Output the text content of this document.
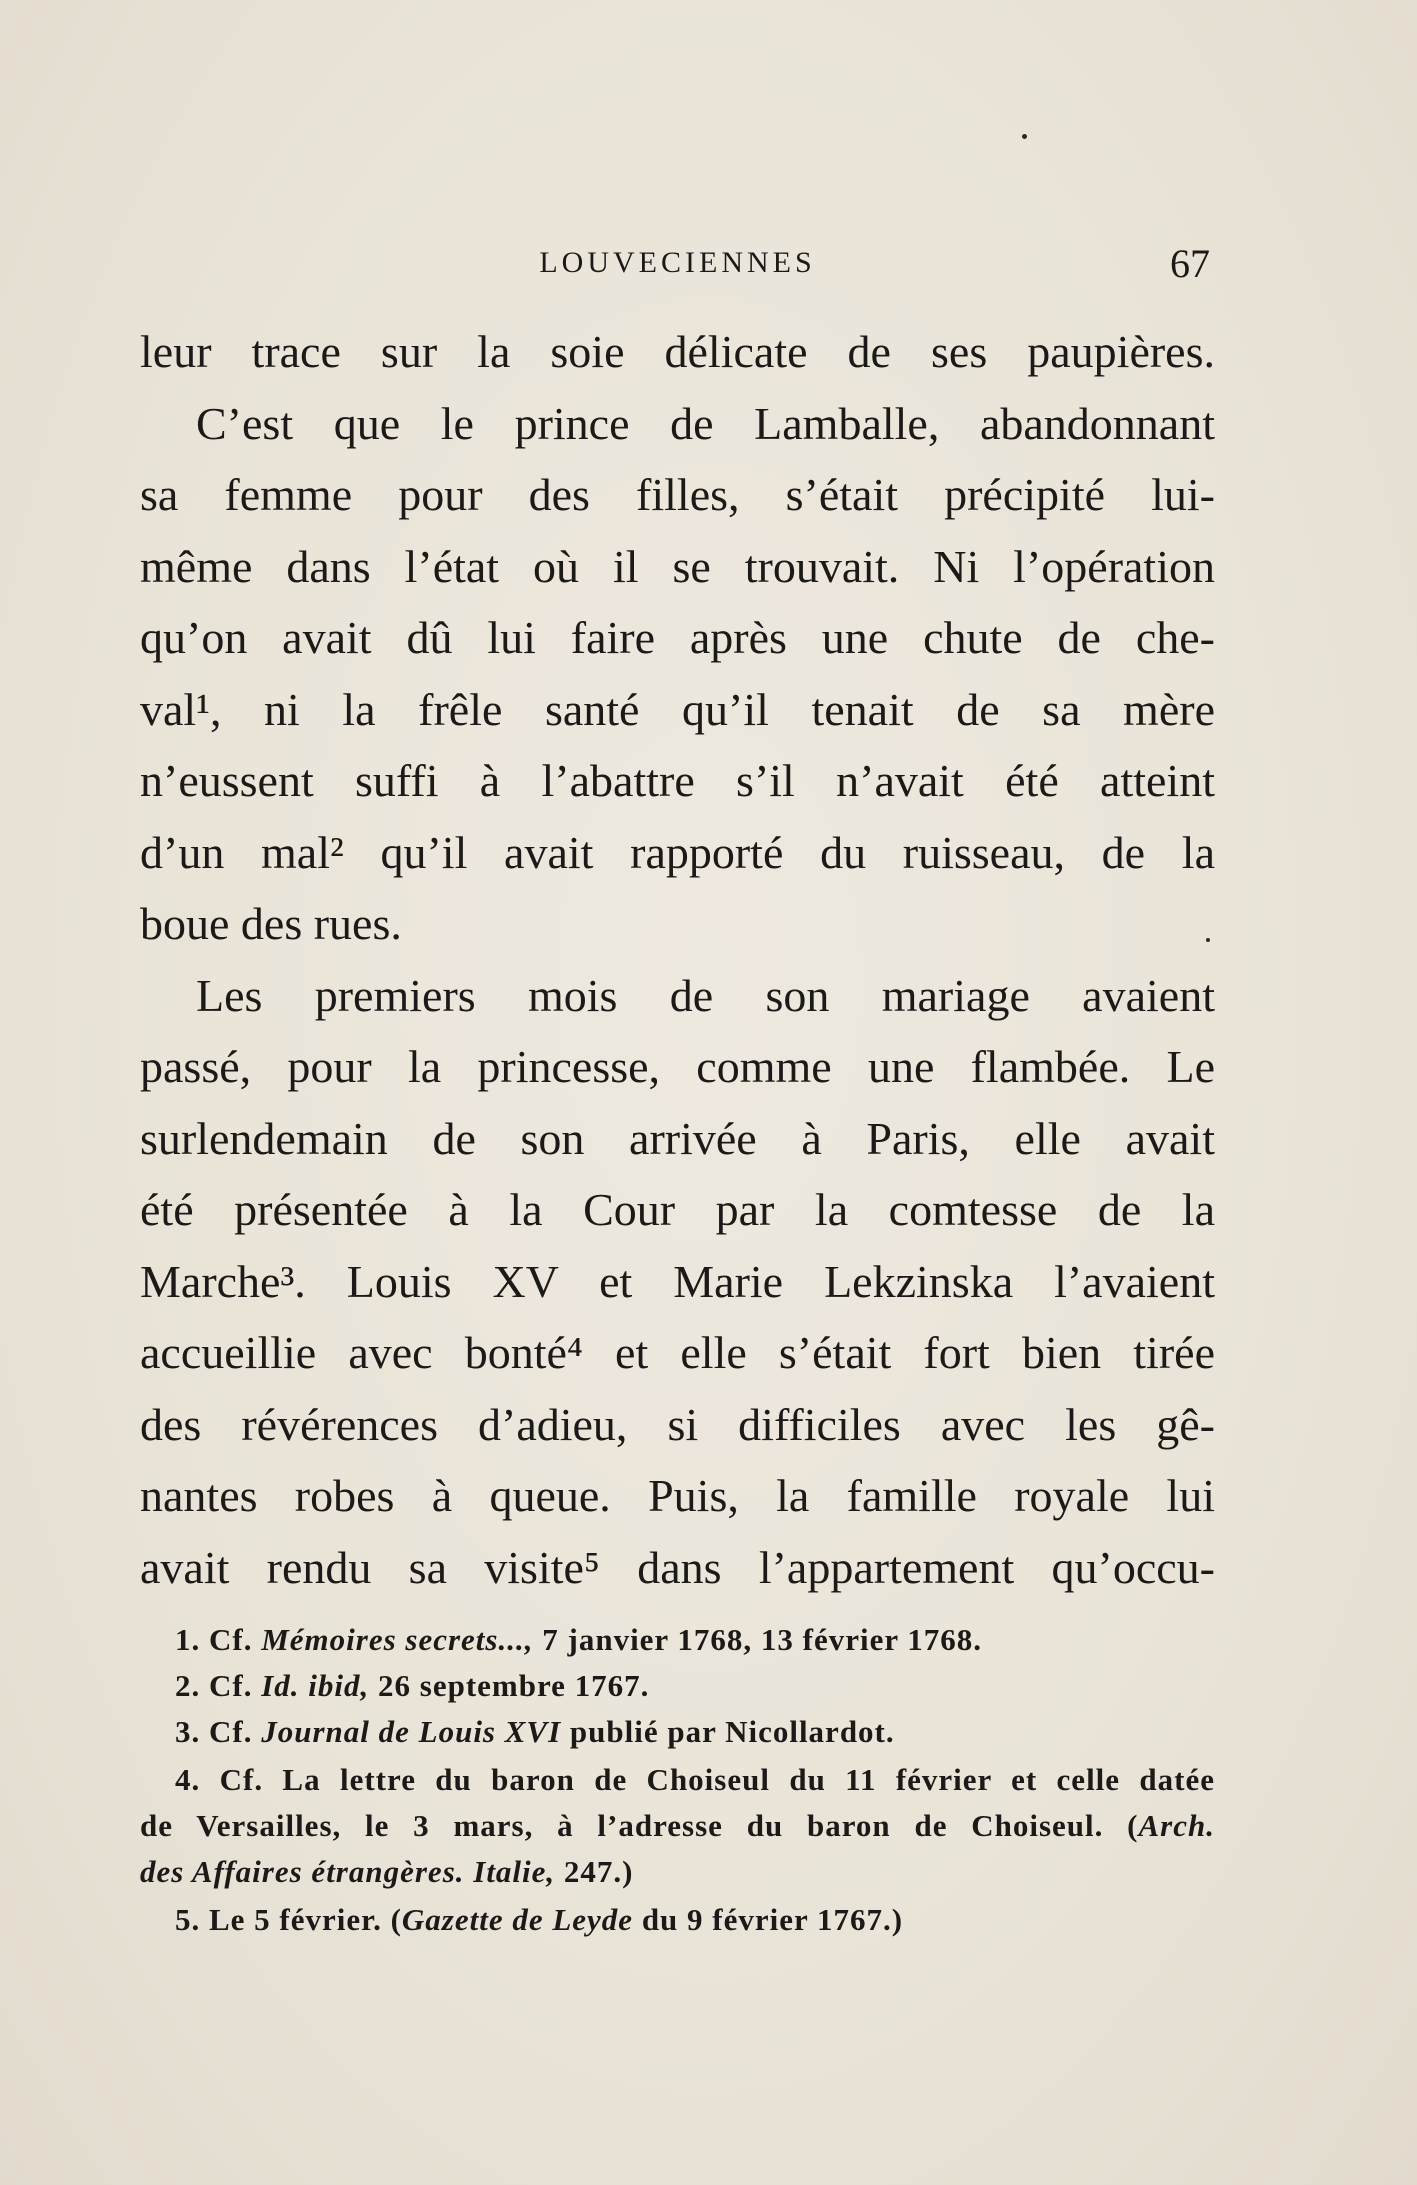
LOUVECIENNES	67
leur trace sur la soie délicate de ses paupières.
C’est que le prince de Lamballe, abandonnant
sa femme pour des filles, s’était précipité lui-
même dans l’état où il se trouvait. Ni l’opération
qu’on avait dû lui faire après une chute de che-
val¹, ni la frêle santé qu’il tenait de sa mère
n’eussent suffi à l’abattre s’il n’avait été atteint
d’un mal² qu’il avait rapporté du ruisseau, de la
boue des rues.
Les premiers mois de son mariage avaient
passé, pour la princesse, comme une flambée. Le
surlendemain de son arrivée à Paris, elle avait
été présentée à la Cour par la comtesse de la
Marche³. Louis XV et Marie Lekzinska l’avaient
accueillie avec bonté⁴ et elle s’était fort bien tirée
des révérences d’adieu, si difficiles avec les gê-
nantes robes à queue. Puis, la famille royale lui
avait rendu sa visite⁵ dans l’appartement qu’occu-
1. Cf. Mémoires secrets..., 7 janvier 1768, 13 février 1768.
2. Cf. Id. ibid, 26 septembre 1767.
3. Cf. Journal de Louis XVI publié par Nicollardot.
4. Cf. La lettre du baron de Choiseul du 11 février et celle datée
de Versailles, le 3 mars, à l’adresse du baron de Choiseul. (Arch.
des Affaires étrangères. Italie, 247.)
5. Le 5 février. (Gazette de Leyde du 9 février 1767.)
